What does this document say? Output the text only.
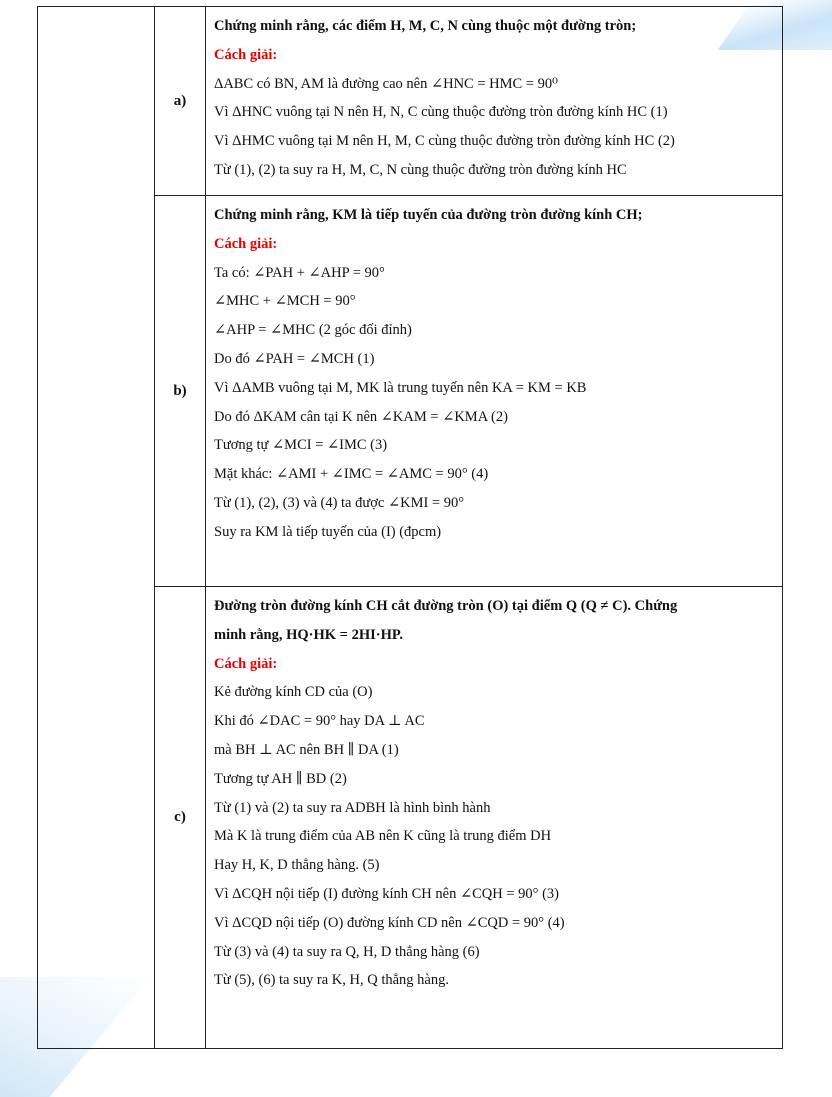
a)
Chứng minh rằng, các điểm H, M, C, N cùng thuộc một đường tròn;
Cách giải:
ΔABC có BN, AM là đường cao nên ∠HNC = HMC = 90⁰
Vì ΔHNC vuông tại N nên H, N, C cùng thuộc đường tròn đường kính HC (1)
Vì ΔHMC vuông tại M nên H, M, C cùng thuộc đường tròn đường kính HC (2)
Từ (1), (2) ta suy ra H, M, C, N cùng thuộc đường tròn đường kính HC
b)
Chứng minh rằng, KM là tiếp tuyến của đường tròn đường kính CH;
Cách giải:
Ta có: ∠PAH + ∠AHP = 90°
∠MHC + ∠MCH = 90°
∠AHP = ∠MHC (2 góc đối đỉnh)
Do đó ∠PAH = ∠MCH (1)
Vì ΔAMB vuông tại M, MK là trung tuyến nên KA = KM = KB
Do đó ΔKAM cân tại K nên ∠KAM = ∠KMA (2)
Tương tự ∠MCI = ∠IMC (3)
Mặt khác: ∠AMI + ∠IMC = ∠AMC = 90° (4)
Từ (1), (2), (3) và (4) ta được ∠KMI = 90°
Suy ra KM là tiếp tuyến của (I) (đpcm)
c)
Đường tròn đường kính CH cắt đường tròn (O) tại điểm Q (Q ≠ C). Chứng
minh rằng, HQ·HK = 2HI·HP.
Cách giải:
Kẻ đường kính CD của (O)
Khi đó ∠DAC = 90° hay DA ⊥ AC
mà BH ⊥ AC nên BH ∥ DA (1)
Tương tự AH ∥ BD (2)
Từ (1) và (2) ta suy ra ADBH là hình bình hành
Mà K là trung điểm của AB nên K cũng là trung điểm DH
Hay H, K, D thẳng hàng. (5)
Vì ΔCQH nội tiếp (I) đường kính CH nên ∠CQH = 90° (3)
Vì ΔCQD nội tiếp (O) đường kính CD nên ∠CQD = 90° (4)
Từ (3) và (4) ta suy ra Q, H, D thẳng hàng (6)
Từ (5), (6) ta suy ra K, H, Q thẳng hàng.
